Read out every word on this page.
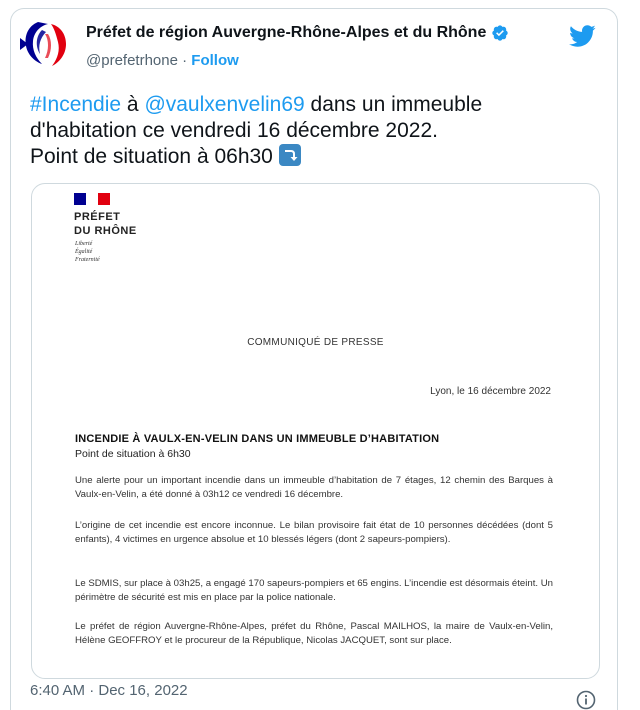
Préfet de région Auvergne-Rhône-Alpes et du Rhône
@prefetrhone · Follow
#Incendie à @vaulxenvelin69 dans un immeuble
d'habitation ce vendredi 16 décembre 2022.
Point de situation à 06h30
PRÉFET
DU RHÔNE
Liberté
Égalité
Fraternité
COMMUNIQUÉ DE PRESSE
Lyon, le 16 décembre 2022
INCENDIE À VAULX-EN-VELIN DANS UN IMMEUBLE D’HABITATION
Point de situation à 6h30
Une alerte pour un important incendie dans un immeuble d’habitation de 7 étages, 12 chemin des Barques à Vaulx-en-Velin, a été donné à 03h12 ce vendredi 16 décembre.
L’origine de cet incendie est encore inconnue. Le bilan provisoire fait état de 10 personnes décédées (dont 5 enfants), 4 victimes en urgence absolue et 10 blessés légers (dont 2 sapeurs-pompiers).
Le SDMIS, sur place à 03h25, a engagé 170 sapeurs-pompiers et 65 engins. L’incendie est désormais éteint. Un périmètre de sécurité est mis en place par la police nationale.
Le préfet de région Auvergne-Rhône-Alpes, préfet du Rhône, Pascal MAILHOS, la maire de Vaulx-en-Velin, Hélène GEOFFROY et le procureur de la République, Nicolas JACQUET, sont sur place.
6:40 AM · Dec 16, 2022
